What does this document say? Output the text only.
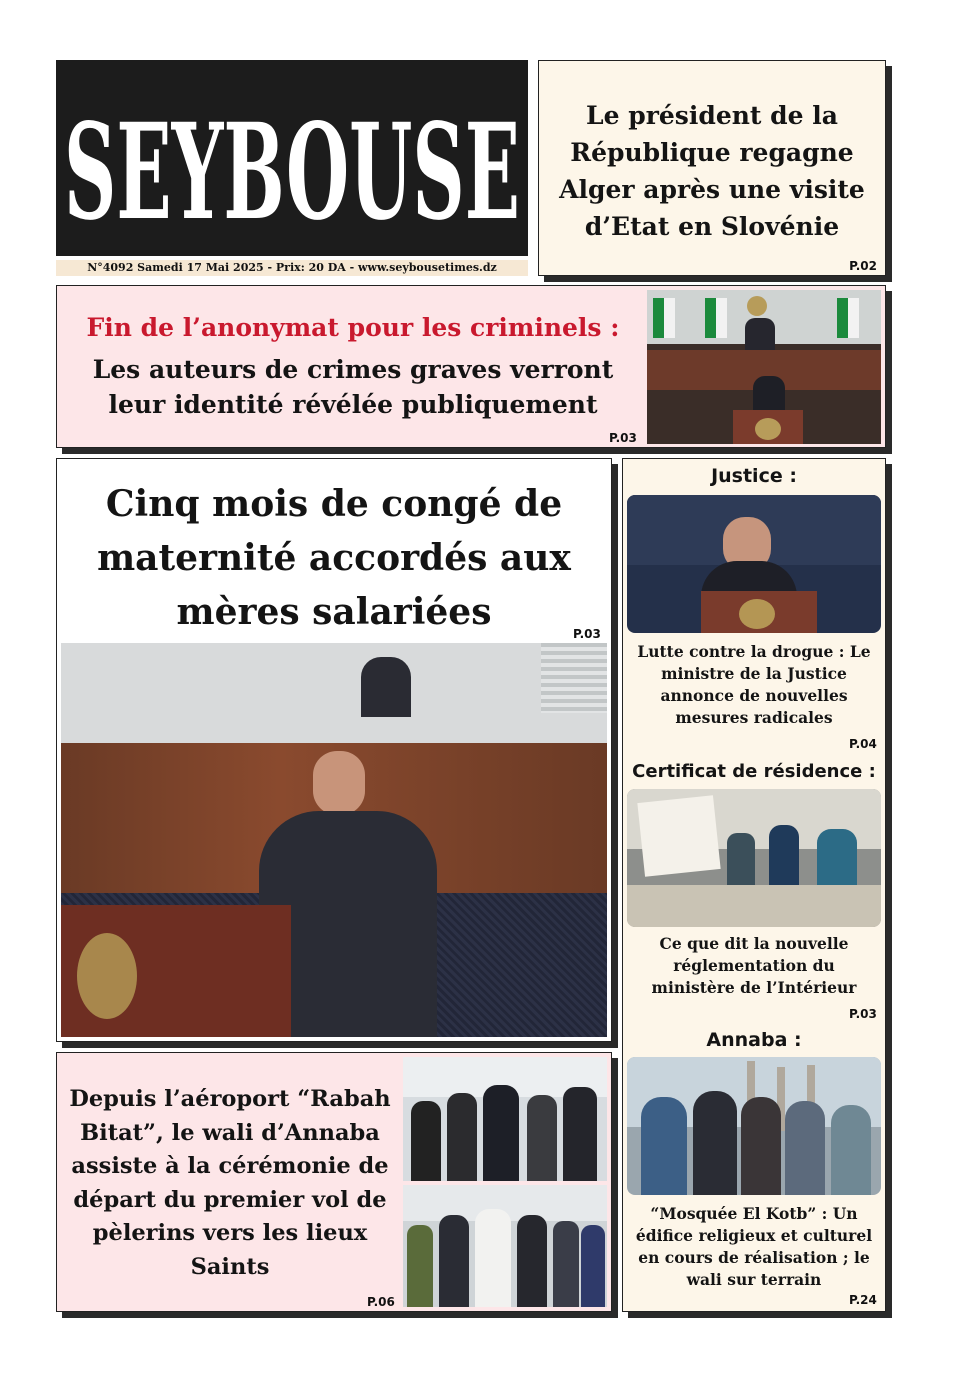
SEYBOUSE
N°4092 Samedi 17 Mai 2025 - Prix: 20 DA - www.seybousetimes.dz
Le président de la République regagne Alger après une visite d’Etat en Slovénie
P.02
Fin de l’anonymat pour les criminels :
Les auteurs de crimes graves verront leur identité révélée publiquement
P.03
Cinq mois de congé de maternité accordés aux mères salariées
P.03
Depuis l’aéroport “Rabah Bitat”, le wali d’Annaba assiste à la cérémonie de départ du premier vol de pèlerins vers les lieux Saints
P.06
Justice :
Lutte contre la drogue : Le ministre de la Justice annonce de nouvelles mesures radicales
P.04
Certificat de résidence :
Ce que dit la nouvelle réglementation du ministère de l’Intérieur
P.03
Annaba :
“Mosquée El Kotb” : Un édifice religieux et culturel en cours de réalisation ; le wali sur terrain
P.24
